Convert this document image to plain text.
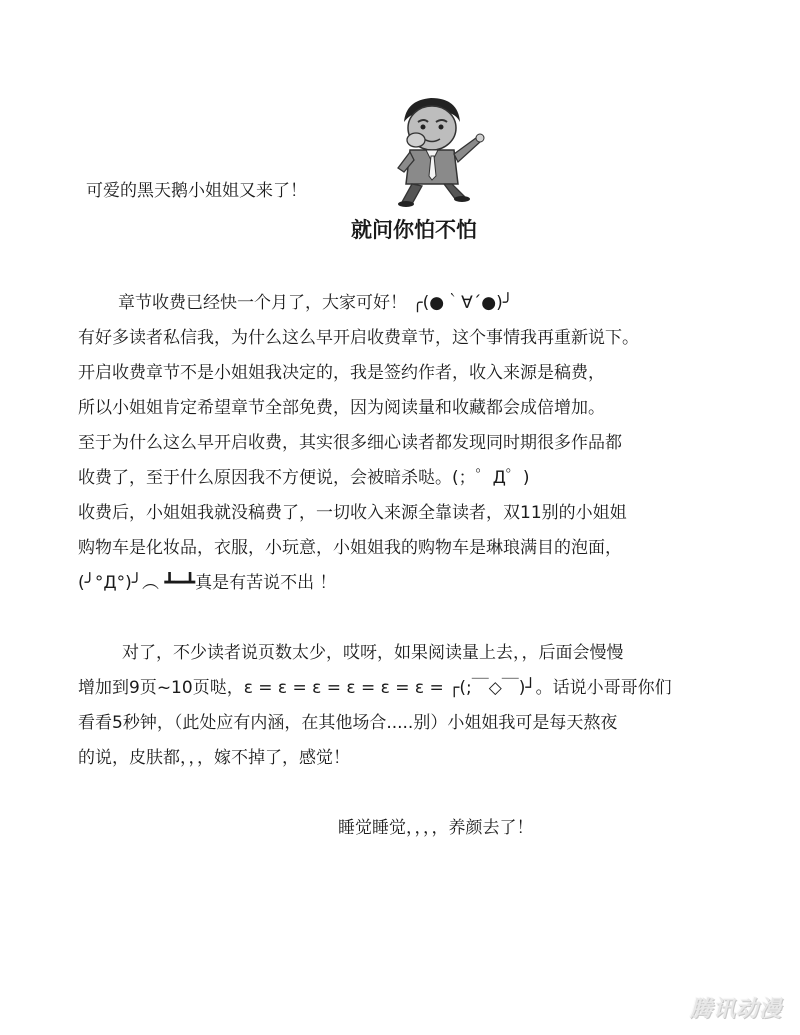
可爱的黑天鹅小姐姐又来了！
就问你怕不怕
章节收费已经快一个月了，大家可好！ ╭(●｀∀´●)╯
有好多读者私信我，为什么这么早开启收费章节，这个事情我再重新说下。
开启收费章节不是小姐姐我决定的，我是签约作者，收入来源是稿费，
所以小姐姐肯定希望章节全部免费，因为阅读量和收藏都会成倍增加。
至于为什么这么早开启收费，其实很多细心读者都发现同时期很多作品都
收费了，至于什么原因我不方便说，会被暗杀哒。(；゜Д゜)
收费后，小姐姐我就没稿费了，一切收入来源全靠读者，双11别的小姐姐
购物车是化妆品，衣服，小玩意，小姐姐我的购物车是琳琅满目的泡面，
(╯°Д°)╯︵ ┻━┻真是有苦说不出 ！
对了，不少读者说页数太少，哎呀，如果阅读量上去，，后面会慢慢
增加到9页~10页哒，ε = ε = ε = ε = ε = ε = ┌(;￣◇￣)┘。话说小哥哥你们
看看5秒钟，（此处应有内涵，在其他场合.....别）小姐姐我可是每天熬夜
的说，皮肤都，，，嫁不掉了，感觉！
睡觉睡觉，，，，养颜去了！
腾讯动漫
